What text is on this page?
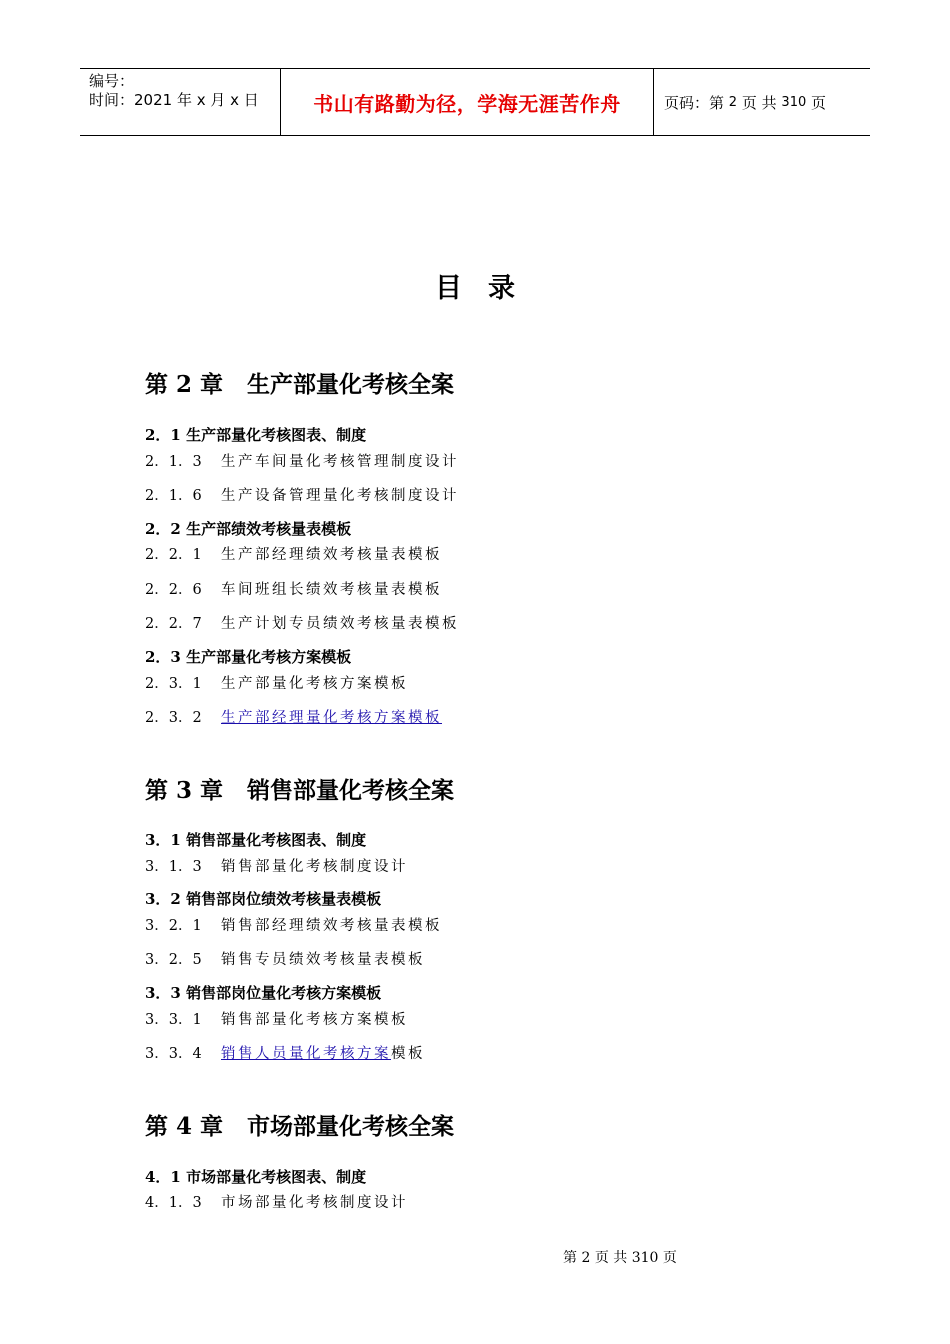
编号：
时间：2021 年 x 月 x 日	书山有路勤为径，学海无涯苦作舟	页码：第
2
页 共
310
页
目录
第 2 章 生产部量化考核全案
2．1 生产部量化考核图表、制度
2．1．3 生产车间量化考核管理制度设计
2．1．6 生产设备管理量化考核制度设计
2．2 生产部绩效考核量表模板
2．2．1 生产部经理绩效考核量表模板
2．2．6 车间班组长绩效考核量表模板
2．2．7 生产计划专员绩效考核量表模板
2．3 生产部量化考核方案模板
2．3．1 生产部量化考核方案模板
2．3．2 生产部经理量化考核方案模板
第 3 章 销售部量化考核全案
3．1 销售部量化考核图表、制度
3．1．3 销售部量化考核制度设计
3．2 销售部岗位绩效考核量表模板
3．2．1 销售部经理绩效考核量表模板
3．2．5 销售专员绩效考核量表模板
3．3 销售部岗位量化考核方案模板
3．3．1 销售部量化考核方案模板
3．3．4 销售人员量化考核方案模板
第 4 章 市场部量化考核全案
4．1 市场部量化考核图表、制度
4．1．3 市场部量化考核制度设计
第 2 页 共 310 页
